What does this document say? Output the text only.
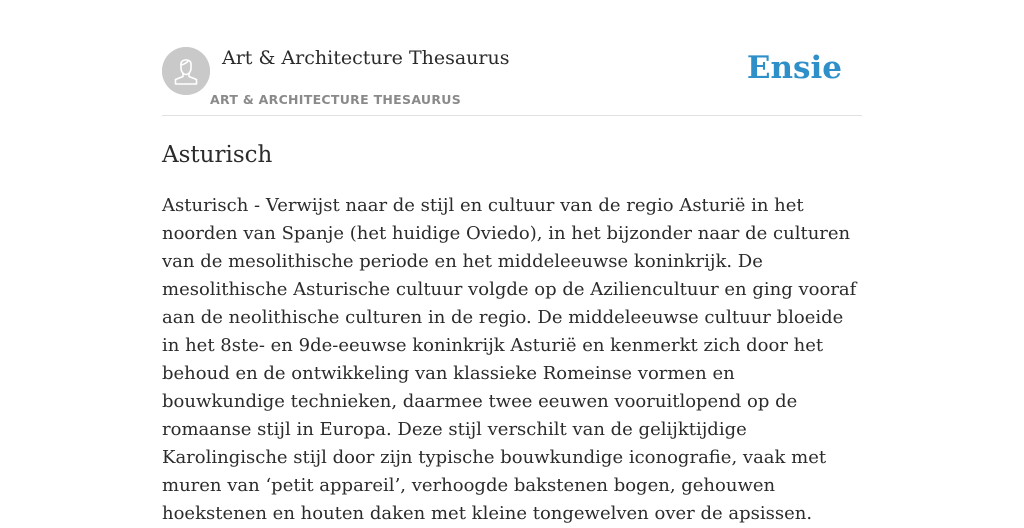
Art & Architecture Thesaurus
ART & ARCHITECTURE THESAURUS
Ensie
Asturisch

Asturisch - Verwijst naar de stijl en cultuur van de regio Asturië in het noorden van Spanje (het huidige Oviedo), in het bijzonder naar de culturen van de mesolithische periode en het middeleeuwse koninkrijk. De mesolithische Asturische cultuur volgde op de Aziliencultuur en ging vooraf aan de neolithische culturen in de regio. De middeleeuwse cultuur bloeide in het 8ste- en 9de-eeuwse koninkrijk Asturië en kenmerkt zich door het behoud en de ontwikkeling van klassieke Romeinse vormen en bouwkundige technieken, daarmee twee eeuwen vooruitlopend op de romaanse stijl in Europa. Deze stijl verschilt van de gelijktijdige Karolingische stijl door zijn typische bouwkundige iconografie, vaak met muren van ‘petit appareil’, verhoogde bakstenen bogen, gehouwen hoekstenen en houten daken met kleine tongewelven over de apsissen.
